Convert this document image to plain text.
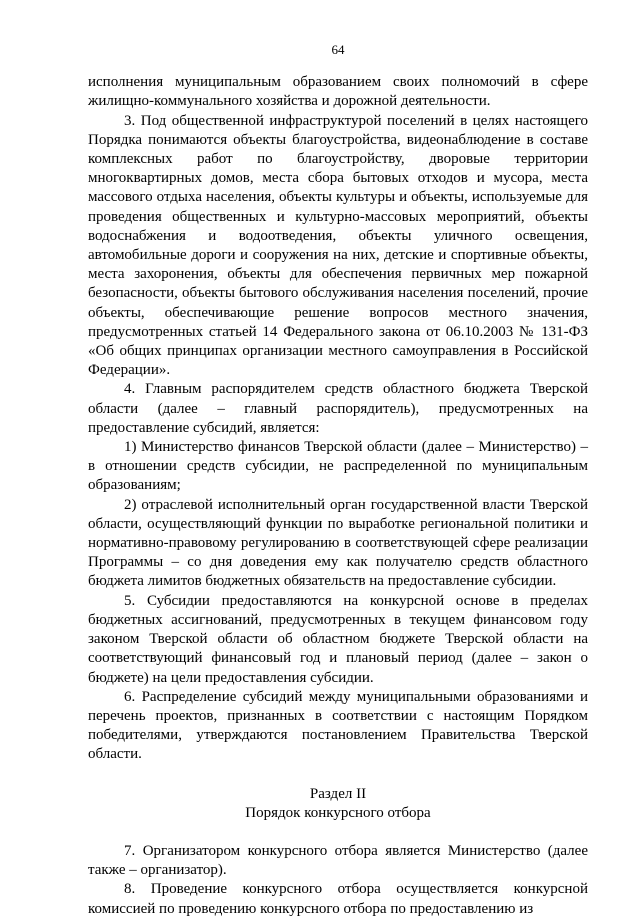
64

исполнения муниципальным образованием своих полномочий в сфере жилищно-коммунального хозяйства и дорожной деятельности.

3. Под общественной инфраструктурой поселений в целях настоящего Порядка понимаются объекты благоустройства, видеонаблюдение в составе комплексных работ по благоустройству, дворовые территории многоквартирных домов, места сбора бытовых отходов и мусора, места массового отдыха населения, объекты культуры и объекты, используемые для проведения общественных и культурно-массовых мероприятий, объекты водоснабжения и водоотведения, объекты уличного освещения, автомобильные дороги и сооружения на них, детские и спортивные объекты, места захоронения, объекты для обеспечения первичных мер пожарной безопасности, объекты бытового обслуживания населения поселений, прочие объекты, обеспечивающие решение вопросов местного значения, предусмотренных статьей 14 Федерального закона от 06.10.2003 № 131-ФЗ «Об общих принципах организации местного самоуправления в Российской Федерации».

4. Главным распорядителем средств областного бюджета Тверской области (далее – главный распорядитель), предусмотренных на предоставление субсидий, является:

1) Министерство финансов Тверской области (далее – Министерство) – в отношении средств субсидии, не распределенной по муниципальным образованиям;

2) отраслевой исполнительный орган государственной власти Тверской области, осуществляющий функции по выработке региональной политики и нормативно-правовому регулированию в соответствующей сфере реализации Программы – со дня доведения ему как получателю средств областного бюджета лимитов бюджетных обязательств на предоставление субсидии.

5. Субсидии предоставляются на конкурсной основе в пределах бюджетных ассигнований, предусмотренных в текущем финансовом году законом Тверской области об областном бюджете Тверской области на соответствующий финансовый год и плановый период (далее – закон о бюджете) на цели предоставления субсидии.

6. Распределение субсидий между муниципальными образованиями и перечень проектов, признанных в соответствии с настоящим Порядком победителями, утверждаются постановлением Правительства Тверской области.

Раздел II

Порядок конкурсного отбора

7. Организатором конкурсного отбора является Министерство (далее также – организатор).

8. Проведение конкурсного отбора осуществляется конкурсной комиссией по проведению конкурсного отбора по предоставлению из
